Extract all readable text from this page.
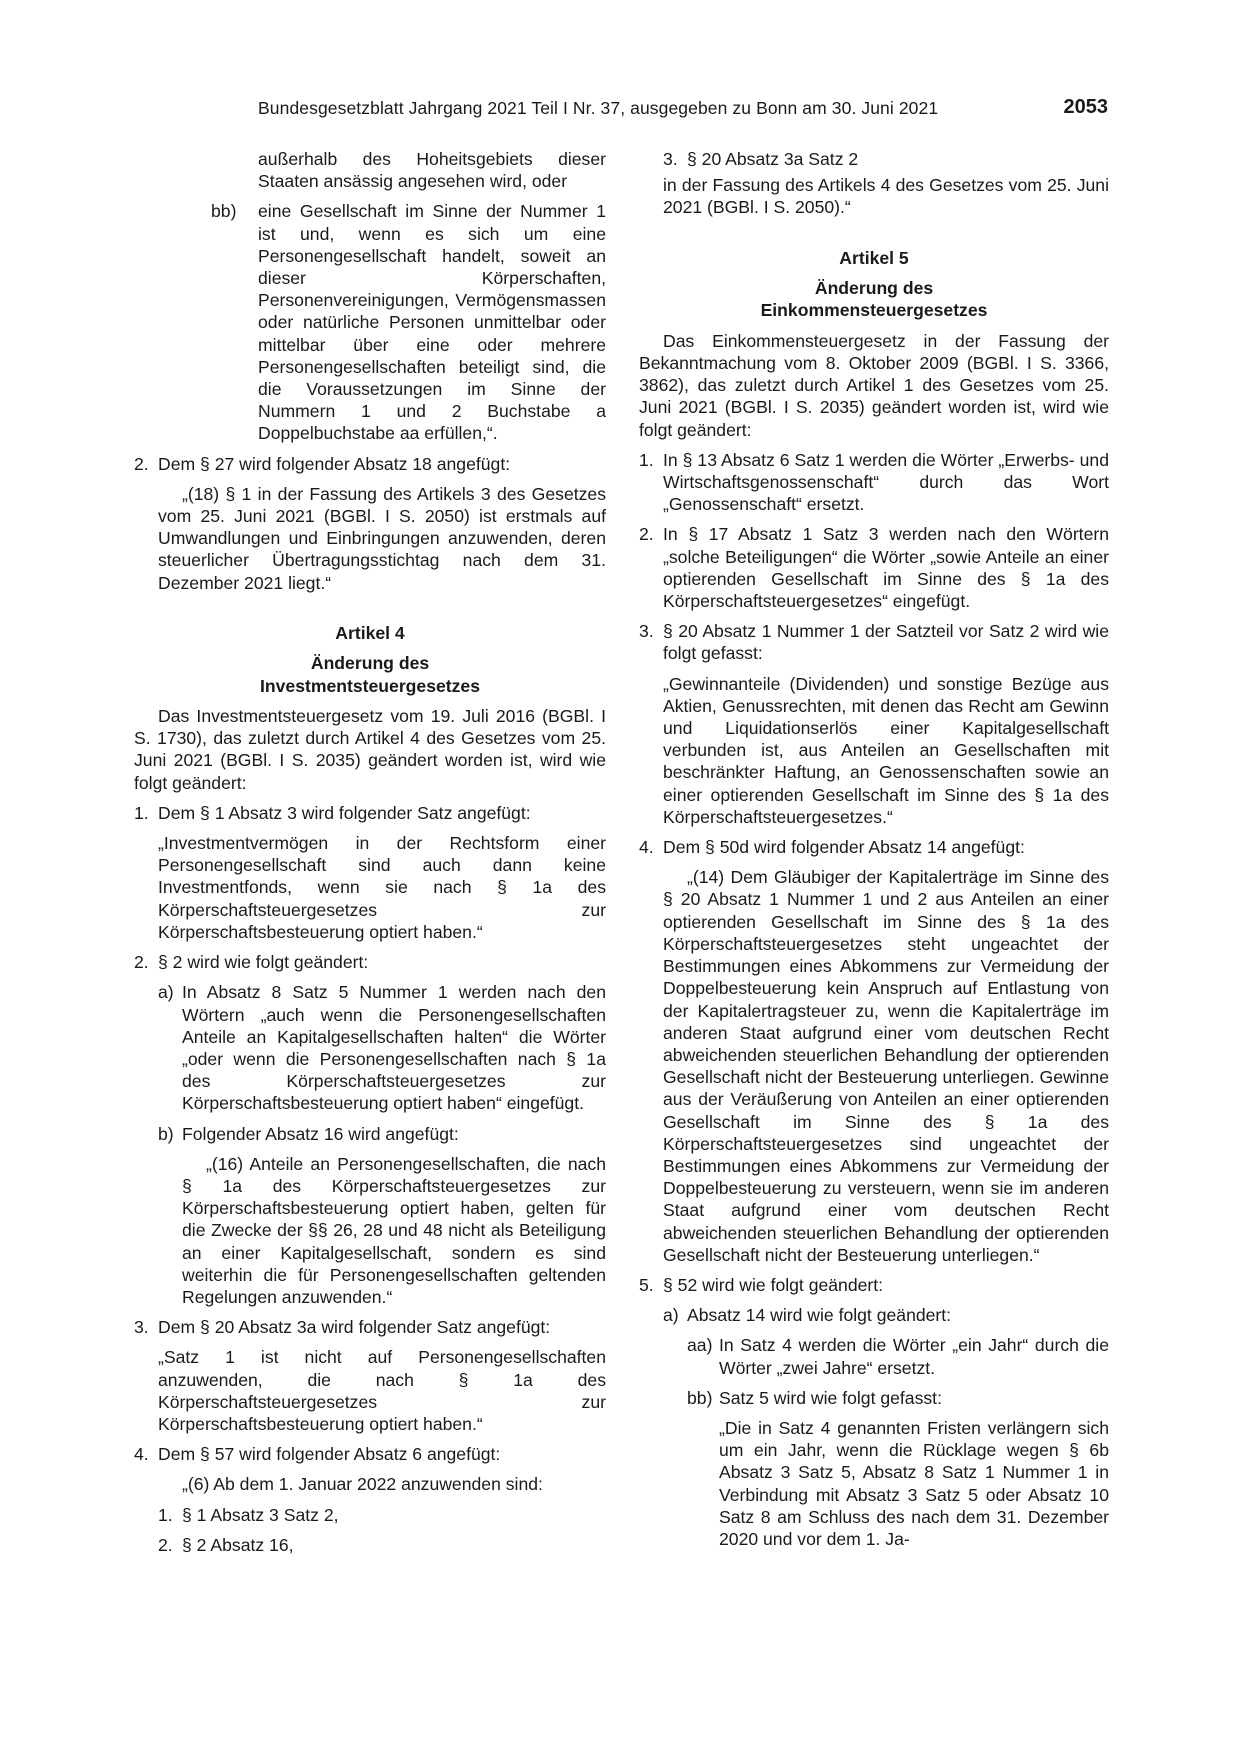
Bundesgesetzblatt Jahrgang 2021 Teil I Nr. 37, ausgegeben zu Bonn am 30. Juni 2021	2053
außerhalb des Hoheitsgebiets dieser Staaten ansässig angesehen wird, oder
bb) eine Gesellschaft im Sinne der Nummer 1 ist und, wenn es sich um eine Personengesellschaft handelt, soweit an dieser Körperschaften, Personenvereinigungen, Vermögensmassen oder natürliche Personen unmittelbar oder mittelbar über eine oder mehrere Personengesellschaften beteiligt sind, die die Voraussetzungen im Sinne der Nummern 1 und 2 Buchstabe a Doppelbuchstabe aa erfüllen,“.
2. Dem § 27 wird folgender Absatz 18 angefügt:
„(18) § 1 in der Fassung des Artikels 3 des Gesetzes vom 25. Juni 2021 (BGBl. I S. 2050) ist erstmals auf Umwandlungen und Einbringungen anzuwenden, deren steuerlicher Übertragungsstichtag nach dem 31. Dezember 2021 liegt.“
Artikel 4
Änderung des
Investmentsteuergesetzes
Das Investmentsteuergesetz vom 19. Juli 2016 (BGBl. I S. 1730), das zuletzt durch Artikel 4 des Gesetzes vom 25. Juni 2021 (BGBl. I S. 2035) geändert worden ist, wird wie folgt geändert:
1. Dem § 1 Absatz 3 wird folgender Satz angefügt:
„Investmentvermögen in der Rechtsform einer Personengesellschaft sind auch dann keine Investmentfonds, wenn sie nach § 1a des Körperschaftsteuergesetzes zur Körperschaftsbesteuerung optiert haben.“
2. § 2 wird wie folgt geändert:
a) In Absatz 8 Satz 5 Nummer 1 werden nach den Wörtern „auch wenn die Personengesellschaften Anteile an Kapitalgesellschaften halten“ die Wörter „oder wenn die Personengesellschaften nach § 1a des Körperschaftsteuergesetzes zur Körperschaftsbesteuerung optiert haben“ eingefügt.
b) Folgender Absatz 16 wird angefügt:
„(16) Anteile an Personengesellschaften, die nach § 1a des Körperschaftsteuergesetzes zur Körperschaftsbesteuerung optiert haben, gelten für die Zwecke der §§ 26, 28 und 48 nicht als Beteiligung an einer Kapitalgesellschaft, sondern es sind weiterhin die für Personengesellschaften geltenden Regelungen anzuwenden.“
3. Dem § 20 Absatz 3a wird folgender Satz angefügt:
„Satz 1 ist nicht auf Personengesellschaften anzuwenden, die nach § 1a des Körperschaftsteuergesetzes zur Körperschaftsbesteuerung optiert haben.“
4. Dem § 57 wird folgender Absatz 6 angefügt:
„(6) Ab dem 1. Januar 2022 anzuwenden sind:
1. § 1 Absatz 3 Satz 2,
2. § 2 Absatz 16,
3. § 20 Absatz 3a Satz 2
in der Fassung des Artikels 4 des Gesetzes vom 25. Juni 2021 (BGBl. I S. 2050).“
Artikel 5
Änderung des
Einkommensteuergesetzes
Das Einkommensteuergesetz in der Fassung der Bekanntmachung vom 8. Oktober 2009 (BGBl. I S. 3366, 3862), das zuletzt durch Artikel 1 des Gesetzes vom 25. Juni 2021 (BGBl. I S. 2035) geändert worden ist, wird wie folgt geändert:
1. In § 13 Absatz 6 Satz 1 werden die Wörter „Erwerbs- und Wirtschaftsgenossenschaft“ durch das Wort „Genossenschaft“ ersetzt.
2. In § 17 Absatz 1 Satz 3 werden nach den Wörtern „solche Beteiligungen“ die Wörter „sowie Anteile an einer optierenden Gesellschaft im Sinne des § 1a des Körperschaftsteuergesetzes“ eingefügt.
3. § 20 Absatz 1 Nummer 1 der Satzteil vor Satz 2 wird wie folgt gefasst:
„Gewinnanteile (Dividenden) und sonstige Bezüge aus Aktien, Genussrechten, mit denen das Recht am Gewinn und Liquidationserlös einer Kapitalgesellschaft verbunden ist, aus Anteilen an Gesellschaften mit beschränkter Haftung, an Genossenschaften sowie an einer optierenden Gesellschaft im Sinne des § 1a des Körperschaftsteuergesetzes.“
4. Dem § 50d wird folgender Absatz 14 angefügt:
„(14) Dem Gläubiger der Kapitalerträge im Sinne des § 20 Absatz 1 Nummer 1 und 2 aus Anteilen an einer optierenden Gesellschaft im Sinne des § 1a des Körperschaftsteuergesetzes steht ungeachtet der Bestimmungen eines Abkommens zur Vermeidung der Doppelbesteuerung kein Anspruch auf Entlastung von der Kapitalertragsteuer zu, wenn die Kapitalerträge im anderen Staat aufgrund einer vom deutschen Recht abweichenden steuerlichen Behandlung der optierenden Gesellschaft nicht der Besteuerung unterliegen. Gewinne aus der Veräußerung von Anteilen an einer optierenden Gesellschaft im Sinne des § 1a des Körperschaftsteuergesetzes sind ungeachtet der Bestimmungen eines Abkommens zur Vermeidung der Doppelbesteuerung zu versteuern, wenn sie im anderen Staat aufgrund einer vom deutschen Recht abweichenden steuerlichen Behandlung der optierenden Gesellschaft nicht der Besteuerung unterliegen.“
5. § 52 wird wie folgt geändert:
a) Absatz 14 wird wie folgt geändert:
aa) In Satz 4 werden die Wörter „ein Jahr“ durch die Wörter „zwei Jahre“ ersetzt.
bb) Satz 5 wird wie folgt gefasst:
„Die in Satz 4 genannten Fristen verlängern sich um ein Jahr, wenn die Rücklage wegen § 6b Absatz 3 Satz 5, Absatz 8 Satz 1 Nummer 1 in Verbindung mit Absatz 3 Satz 5 oder Absatz 10 Satz 8 am Schluss des nach dem 31. Dezember 2020 und vor dem 1. Ja-
